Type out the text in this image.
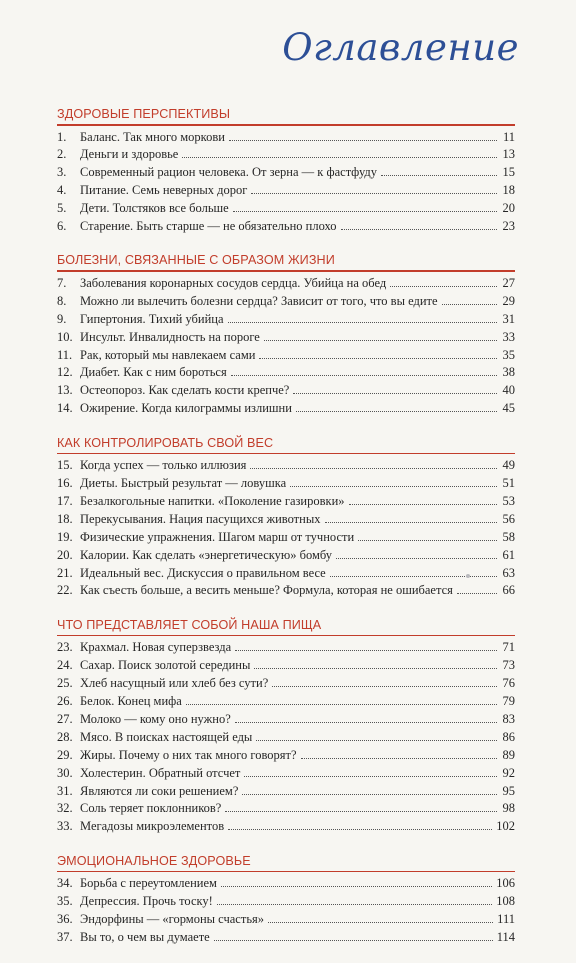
Оглавление
ЗДОРОВЫЕ ПЕРСПЕКТИВЫ
1.	Баланс. Так много моркови	11
2.	Деньги и здоровье	13
3.	Современный рацион человека. От зерна — к фастфуду	15
4.	Питание. Семь неверных дорог	18
5.	Дети. Толстяков все больше	20
6.	Старение. Быть старше — не обязательно плохо	23
БОЛЕЗНИ, СВЯЗАННЫЕ С ОБРАЗОМ ЖИЗНИ
7.	Заболевания коронарных сосудов сердца. Убийца на обед	27
8.	Можно ли вылечить болезни сердца? Зависит от того, что вы едите	29
9.	Гипертония. Тихий убийца	31
10. Инсульт. Инвалидность на пороге	33
11. Рак, который мы навлекаем сами	35
12. Диабет. Как с ним бороться	38
13. Остеопороз. Как сделать кости крепче?	40
14. Ожирение. Когда килограммы излишни	45
КАК КОНТРОЛИРОВАТЬ СВОЙ ВЕС
15. Когда успех — только иллюзия	49
16. Диеты. Быстрый результат — ловушка	51
17. Безалкогольные напитки. «Поколение газировки»	53
18. Перекусывания. Нация пасущихся животных	56
19. Физические упражнения. Шагом марш от тучности	58
20. Калории. Как сделать «энергетическую» бомбу	61
21. Идеальный вес. Дискуссия о правильном весе	63
22. Как съесть больше, а весить меньше? Формула, которая не ошибается	66
ЧТО ПРЕДСТАВЛЯЕТ СОБОЙ НАША ПИЩА
23. Крахмал. Новая суперзвезда	71
24. Сахар. Поиск золотой середины	73
25. Хлеб насущный или хлеб без сути?	76
26. Белок. Конец мифа	79
27. Молоко — кому оно нужно?	83
28. Мясо. В поисках настоящей еды	86
29. Жиры. Почему о них так много говорят?	89
30. Холестерин. Обратный отсчет	92
31. Являются ли соки решением?	95
32. Соль теряет поклонников?	98
33. Мегадозы микроэлементов	102
ЭМОЦИОНАЛЬНОЕ ЗДОРОВЬЕ
34. Борьба с переутомлением	106
35. Депрессия. Прочь тоску!	108
36. Эндорфины — «гормоны счастья»	111
37. Вы то, о чем вы думаете	114
